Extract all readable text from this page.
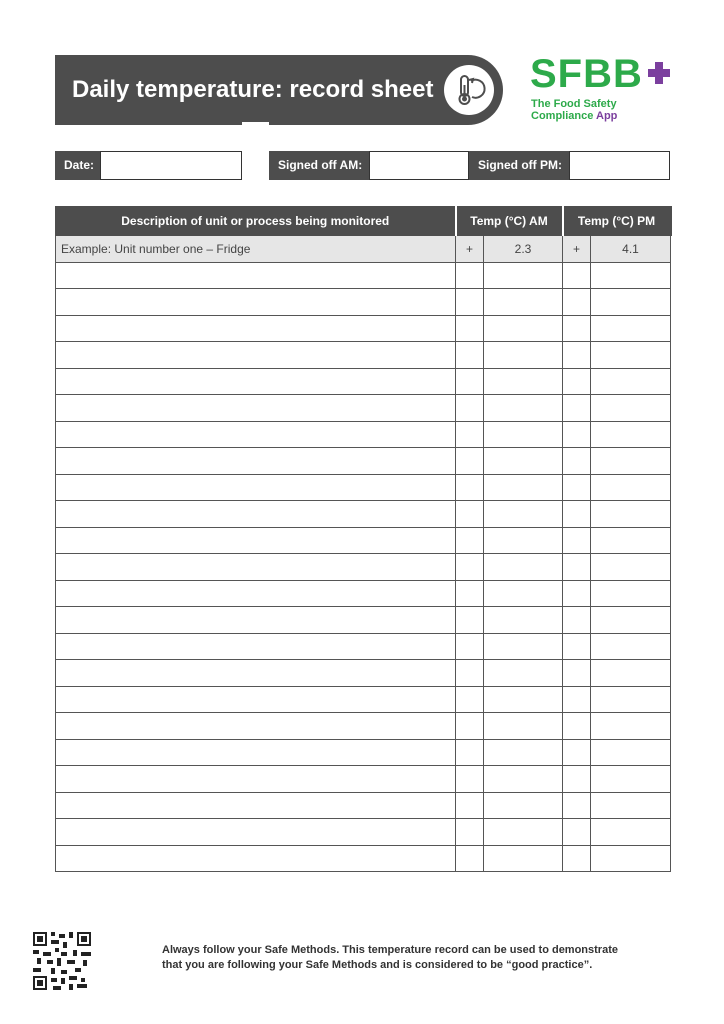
Daily temperature: record sheet SFBB
The Food Safety
Compliance App
Date:	Signed off AM:	Signed off PM:
Description of unit or process being monitored	Temp (°C) AM		Temp (°C) PM	
Example: Unit number one – Fridge	+	2.3	+	4.1

Always follow your Safe Methods. This temperature record can be used to demonstrate
that you are following your Safe Methods and is considered to be “good practice”.
